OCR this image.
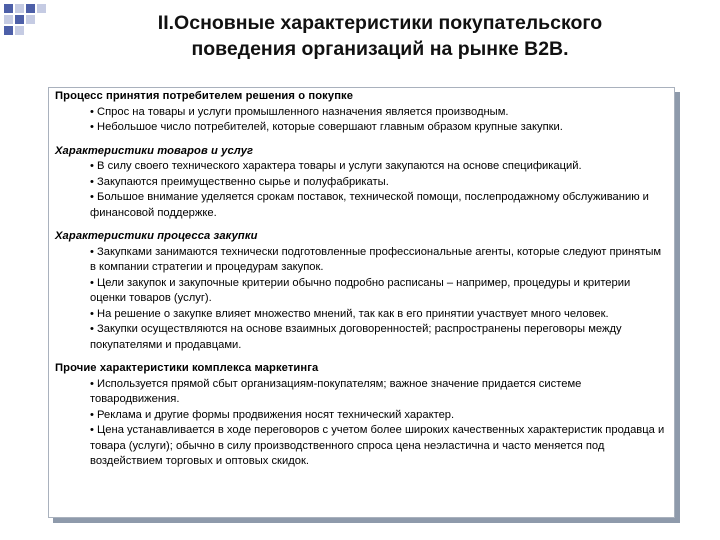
II.Основные характеристики покупательского
поведения организаций на рынке B2B.
Процесс принятия потребителем решения о покупке
• Спрос на товары и услуги промышленного назначения является производным.
• Небольшое число потребителей, которые совершают главным образом крупные закупки.
Характеристики товаров и услуг
• В силу своего технического характера товары и услуги закупаются на основе спецификаций.
• Закупаются преимущественно сырье и полуфабрикаты.
• Большое внимание уделяется срокам поставок, технической помощи, послепродажному обслуживанию и финансовой поддержке.
Характеристики процесса закупки
• Закупками занимаются технически подготовленные профессиональные агенты, которые следуют принятым в компании стратегии и процедурам закупок.
• Цели закупок и закупочные критерии обычно подробно расписаны – например, процедуры и критерии оценки товаров (услуг).
• На решение о закупке влияет множество мнений, так как в его принятии участвует много человек.
• Закупки осуществляются на основе взаимных договоренностей; распространены переговоры между покупателями и продавцами.
Прочие характеристики комплекса маркетинга
• Используется прямой сбыт организациям-покупателям; важное значение придается системе товародвижения.
• Реклама и другие формы продвижения носят технический характер.
• Цена устанавливается в ходе переговоров с учетом более широких качественных характеристик продавца и товара (услуги); обычно в силу производственного спроса цена неэластична и часто меняется под воздействием торговых и оптовых скидок.
